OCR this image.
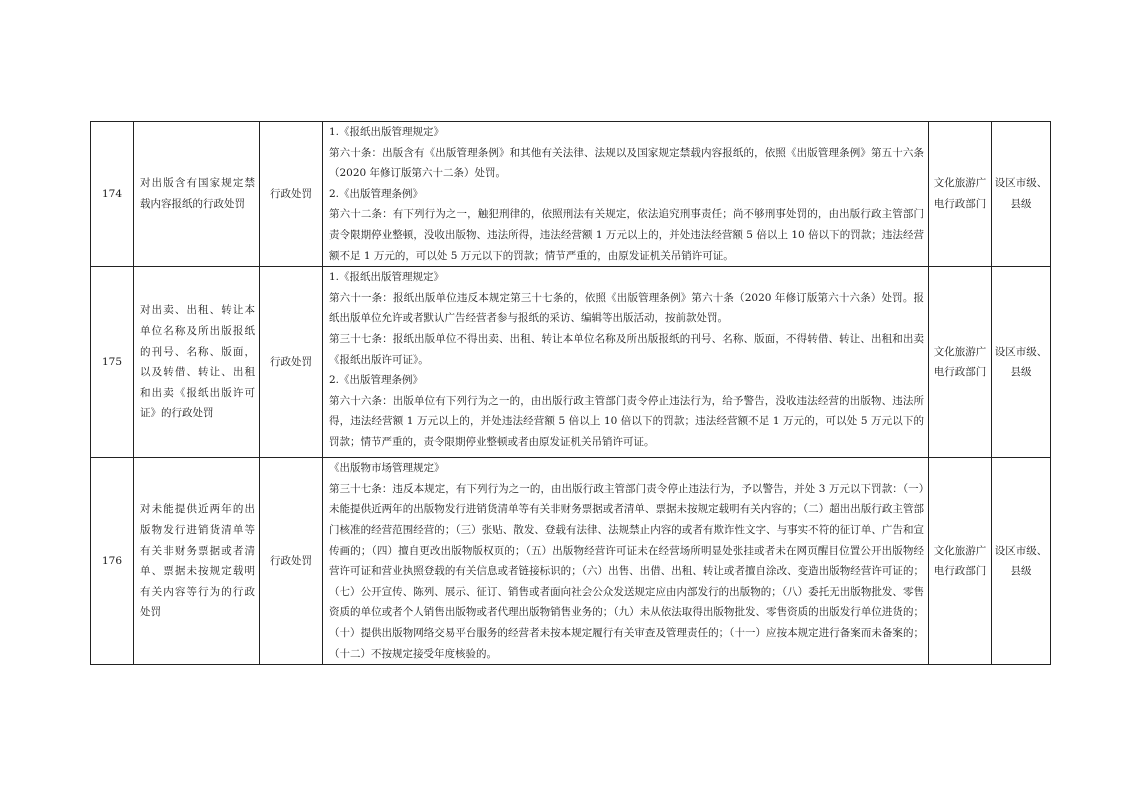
174	对出版含有国家规定禁载内容报纸的行政处罚	行政处罚	1.《报纸出版管理规定》
第六十条：出版含有《出版管理条例》和其他有关法律、法规以及国家规定禁载内容报纸的，依照《出版管理条例》第五十六条（2020 年修订版第六十二条）处罚。
2.《出版管理条例》
第六十二条：有下列行为之一，触犯刑律的，依照刑法有关规定，依法追究刑事责任；尚不够刑事处罚的，由出版行政主管部门责令限期停业整顿，没收出版物、违法所得，违法经营额 1 万元以上的，并处违法经营额 5 倍以上 10 倍以下的罚款；违法经营额不足 1 万元的，可以处 5 万元以下的罚款；情节严重的，由原发证机关吊销许可证。	文化旅游广电行政部门	设区市级、县级
175	对出卖、出租、转让本单位名称及所出版报纸的刊号、名称、版面，以及转借、转让、出租和出卖《报纸出版许可证》的行政处罚	行政处罚	1.《报纸出版管理规定》
第六十一条：报纸出版单位违反本规定第三十七条的，依照《出版管理条例》第六十条（2020 年修订版第六十六条）处罚。报纸出版单位允许或者默认广告经营者参与报纸的采访、编辑等出版活动，按前款处罚。
第三十七条：报纸出版单位不得出卖、出租、转让本单位名称及所出版报纸的刊号、名称、版面，不得转借、转让、出租和出卖《报纸出版许可证》。
2.《出版管理条例》
第六十六条：出版单位有下列行为之一的，由出版行政主管部门责令停止违法行为，给予警告，没收违法经营的出版物、违法所得，违法经营额 1 万元以上的，并处违法经营额 5 倍以上 10 倍以下的罚款；违法经营额不足 1 万元的，可以处 5 万元以下的罚款；情节严重的，责令限期停业整顿或者由原发证机关吊销许可证。	文化旅游广电行政部门	设区市级、县级
176	对未能提供近两年的出版物发行进销货清单等有关非财务票据或者清单、票据未按规定载明有关内容等行为的行政处罚	行政处罚	《出版物市场管理规定》
第三十七条：违反本规定，有下列行为之一的，由出版行政主管部门责令停止违法行为，予以警告，并处 3 万元以下罚款：（一）未能提供近两年的出版物发行进销货清单等有关非财务票据或者清单、票据未按规定载明有关内容的；（二）超出出版行政主管部门核准的经营范围经营的；（三）张贴、散发、登载有法律、法规禁止内容的或者有欺诈性文字、与事实不符的征订单、广告和宣传画的；（四）擅自更改出版物版权页的；（五）出版物经营许可证未在经营场所明显处张挂或者未在网页醒目位置公开出版物经营许可证和营业执照登载的有关信息或者链接标识的；（六）出售、出借、出租、转让或者擅自涂改、变造出版物经营许可证的；（七）公开宣传、陈列、展示、征订、销售或者面向社会公众发送规定应由内部发行的出版物的；（八）委托无出版物批发、零售资质的单位或者个人销售出版物或者代理出版物销售业务的；（九）未从依法取得出版物批发、零售资质的出版发行单位进货的；（十）提供出版物网络交易平台服务的经营者未按本规定履行有关审查及管理责任的；（十一）应按本规定进行备案而未备案的；（十二）不按规定接受年度核验的。	文化旅游广电行政部门	设区市级、县级
